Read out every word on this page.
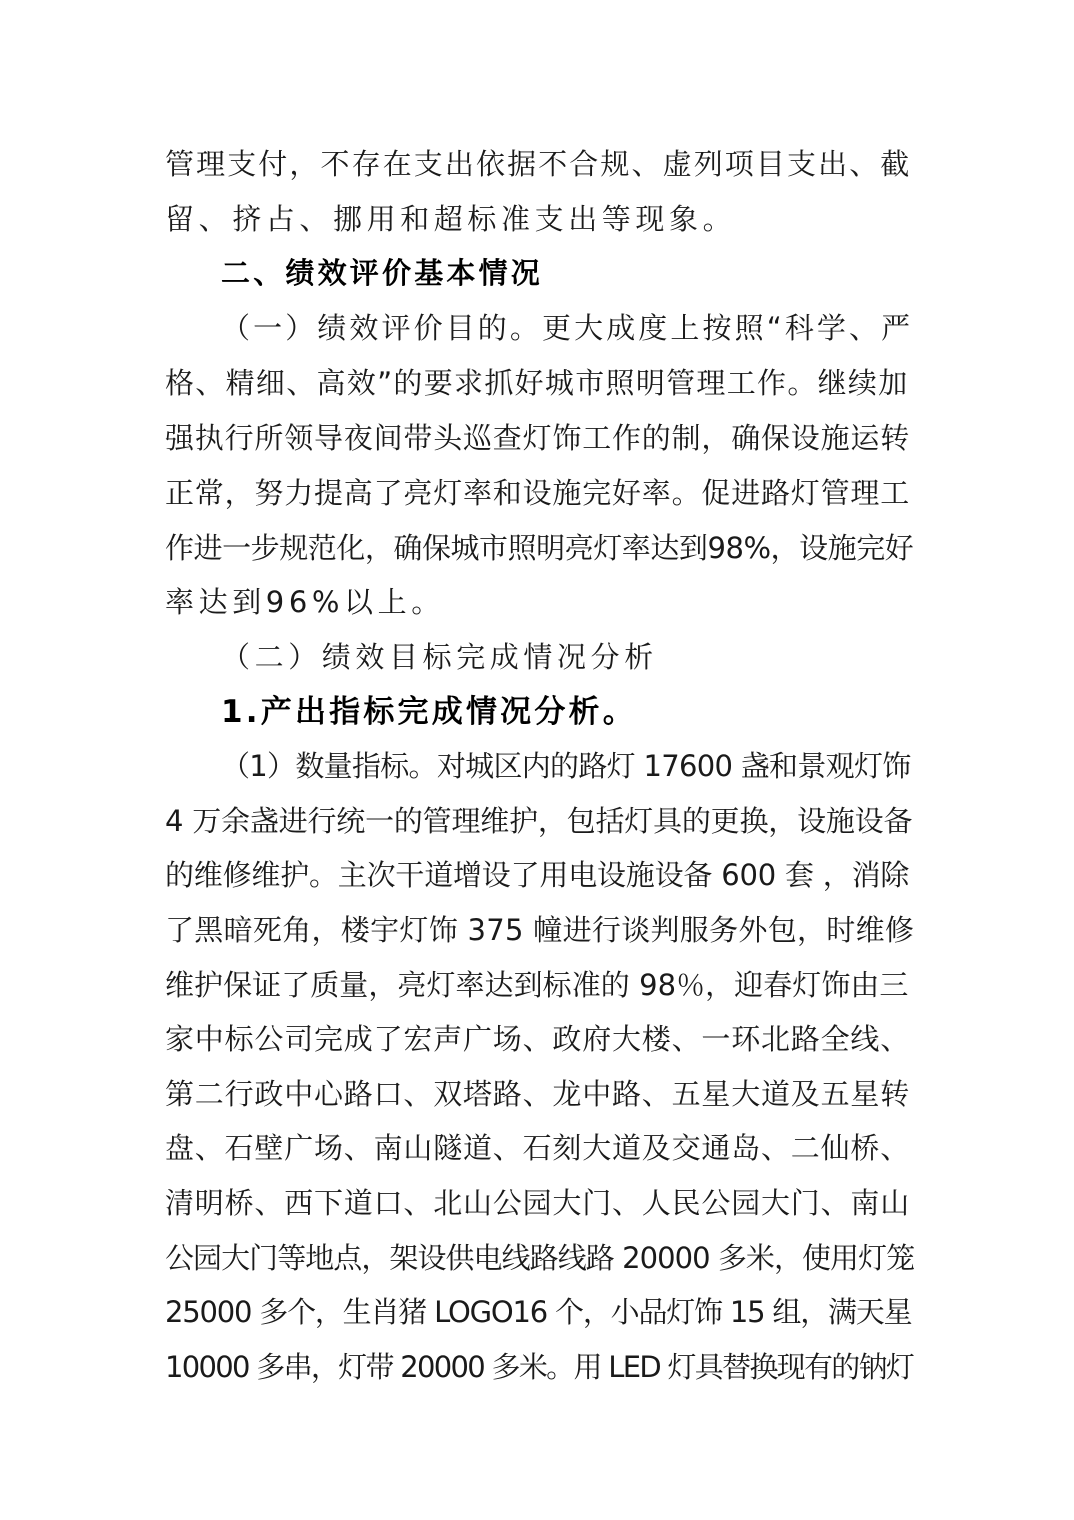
管理支付，不存在支出依据不合规、虚列项目支出、截
留、挤占、挪用和超标准支出等现象。
二、绩效评价基本情况
（一）绩效评价目的。更大成度上按照“科学、严
格、精细、高效”的要求抓好城市照明管理工作。继续加
强执行所领导夜间带头巡查灯饰工作的制，确保设施运转
正常，努力提高了亮灯率和设施完好率。促进路灯管理工
作进一步规范化，确保城市照明亮灯率达到98%，设施完好
率达到96%以上。
（二）绩效目标完成情况分析
1.产出指标完成情况分析。
（1）数量指标。对城区内的路灯 17600 盏和景观灯饰
4 万余盏进行统一的管理维护，包括灯具的更换，设施设备
的维修维护。主次干道增设了用电设施设备 600 套 ，消除
了黑暗死角，楼宇灯饰 375 幢进行谈判服务外包，时维修
维护保证了质量，亮灯率达到标准的 98％，迎春灯饰由三
家中标公司完成了宏声广场、政府大楼、一环北路全线、
第二行政中心路口、双塔路、龙中路、五星大道及五星转
盘、石壁广场、南山隧道、石刻大道及交通岛、二仙桥、
清明桥、西下道口、北山公园大门、人民公园大门、南山
公园大门等地点，架设供电线路线路 20000 多米，使用灯笼
25000 多个，生肖猪 LOGO16 个，小品灯饰 15 组，满天星
10000 多串，灯带 20000 多米。用 LED 灯具替换现有的钠灯
